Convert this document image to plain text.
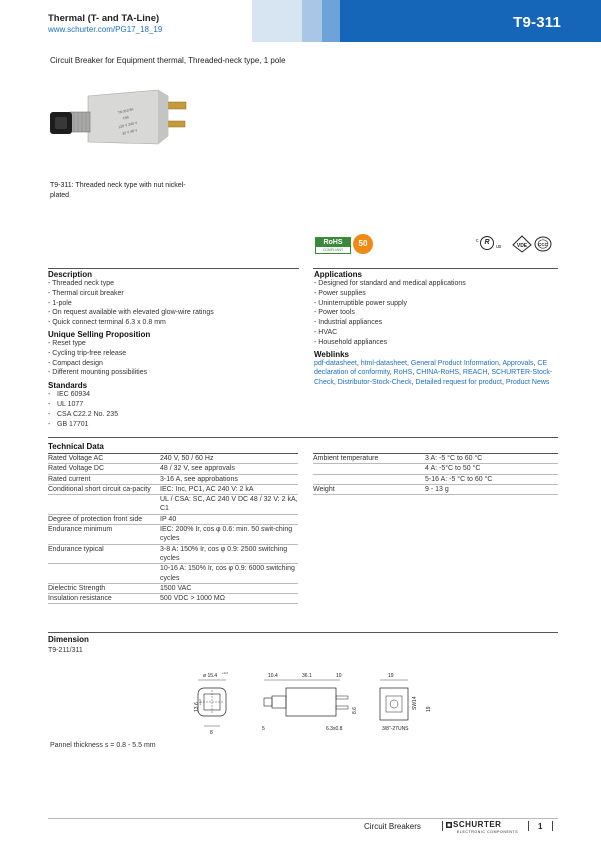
Thermal (T- and TA-Line)
www.schurter.com/PG17_18_19	T9-311
Circuit Breaker for Equipment thermal, Threaded-neck type, 1 pole
T9-311/3A
T99
120 V 240 V
32 V 48 V
T9-311: Threaded neck type with nut nickel-plated
RoHS
COMPLIANT
50	c R
us	VDE CCC
Description
- Threaded neck type
- Thermal circuit breaker
- 1-pole
- On request available with elevated glow-wire ratings
- Quick connect terminal 6.3 x 0.8 mm
Unique Selling Proposition
- Reset type
- Cycling trip-free release
- Compact design
- Different mounting possibilities
Standards
- IEC 60934
- UL 1077
- CSA C22.2 No. 235
- GB 17701
Applications
- Designed for standard and medical applications
- Power supplies
- Uninterruptible power supply
- Power tools
- Industrial appliances
- HVAC
- Household appliances
Weblinks
pdf-datasheet, html-datasheet, General Product Information, Approvals, CE declaration of conformity, RoHS, CHINA-RoHS, REACH, SCHURTER-Stock-Check, Distributor-Stock-Check, Detailed request for product, Product News
Technical Data
Rated Voltage AC	240 V, 50 / 60 Hz
Rated Voltage DC	48 / 32 V, see approvals
Rated current	3-16 A, see approbations
Conditional short circuit ca-pacity	IEC: Inc, PC1, AC 240 V: 2 kA
UL / CSA: SC, AC 240 V DC 48 / 32 V: 2 kA, C1
Degree of protection front side	IP 40
Endurance minimum	IEC: 200% Ir, cos φ 0.6: min. 50 swit-ching cycles
Endurance typical	3-8 A: 150% Ir, cos φ 0.9: 2500 switching cycles
10-16 A: 150% Ir, cos φ 0.9: 6000 switching cycles
Dielectric Strength	1500 VAC
Insulation resistance	500 VDC > 1000 MΩ
Ambient temperature	3 A: -5 °C to 60 °C
4 A: -5°C to 50 °C
5-16 A: -5 °C to 60 °C
Weight	9 - 13 g
Dimension
T9-211/311
ø 15.4 +0.2
13.6
+0.2
8
10.4	36.1	10
8.6
5	6.3x0.8
19
SW14 19
3/8"-27UNS
Pannel thickness s = 0.8 - 5.5 mm
Circuit Breakers	SCHURTER
ELECTRONIC COMPONENTS
1
